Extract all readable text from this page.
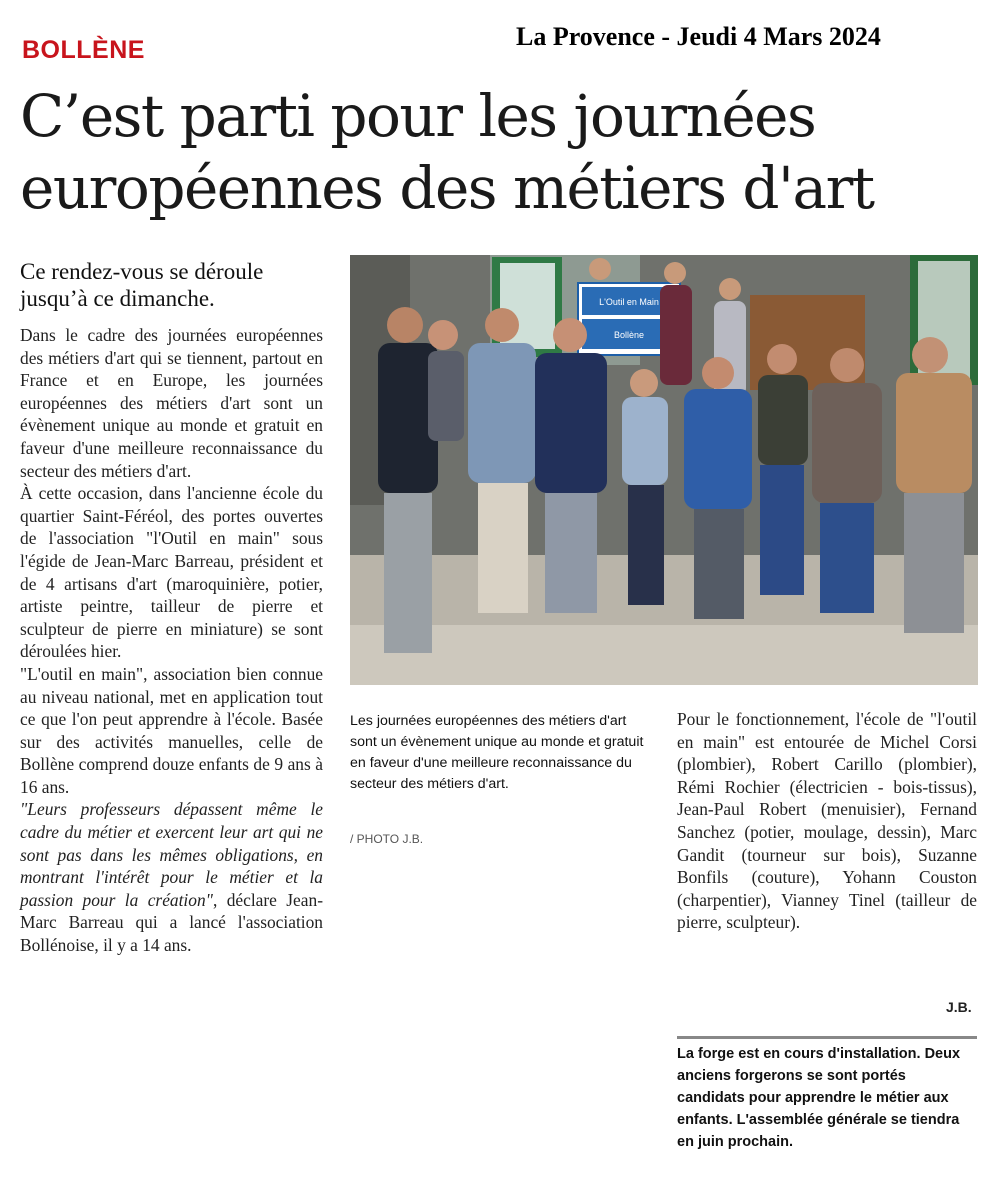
BOLLÈNE	La Provence - Jeudi 4 Mars 2024
C’est parti pour les journées européennes des métiers d'art
Ce rendez-vous se déroule jusqu’à ce dimanche.

Dans le cadre des journées européennes des métiers d'art qui se tiennent, partout en France et en Europe, les journées européennes des métiers d'art sont un évènement unique au monde et gratuit en faveur d'une meilleure reconnaissance du secteur des métiers d'art.

À cette occasion, dans l'ancienne école du quartier Saint-Féréol, des portes ouvertes de l'association "l'Outil en main" sous l'égide de Jean-Marc Barreau, président et de 4 artisans d'art (maroquinière, potier, artiste peintre, tailleur de pierre et sculpteur de pierre en miniature) se sont déroulées hier.

"L'outil en main", association bien connue au niveau national, met en application tout ce que l'on peut apprendre à l'école. Basée sur des activités manuelles, celle de Bollène comprend douze enfants de 9 ans à 16 ans.

"Leurs professeurs dépassent même le cadre du métier et exercent leur art qui ne sont pas dans les mêmes obligations, en montrant l'intérêt pour le métier et la passion pour la création", déclare Jean-Marc Barreau qui a lancé l'association Bollénoise, il y a 14 ans.

L'Outil en Main
Bollène
Les journées européennes des métiers d'art sont un évènement unique au monde et gratuit en faveur d'une meilleure reconnaissance du secteur des métiers d'art.
/ PHOTO J.B.

Pour le fonctionnement, l'école de "l'outil en main" est entourée de Michel Corsi (plombier), Robert Carillo (plombier), Rémi Rochier (électricien - bois-tissus), Jean-Paul Robert (menuisier), Fernand Sanchez (potier, moulage, dessin), Marc Gandit (tourneur sur bois), Suzanne Bonfils (couture), Yohann Couston (charpentier), Vianney Tinel (tailleur de pierre, sculpteur).

J.B.
La forge est en cours d'installation. Deux anciens forgerons se sont portés candidats pour apprendre le métier aux enfants. L'assemblée générale se tiendra en juin prochain.
